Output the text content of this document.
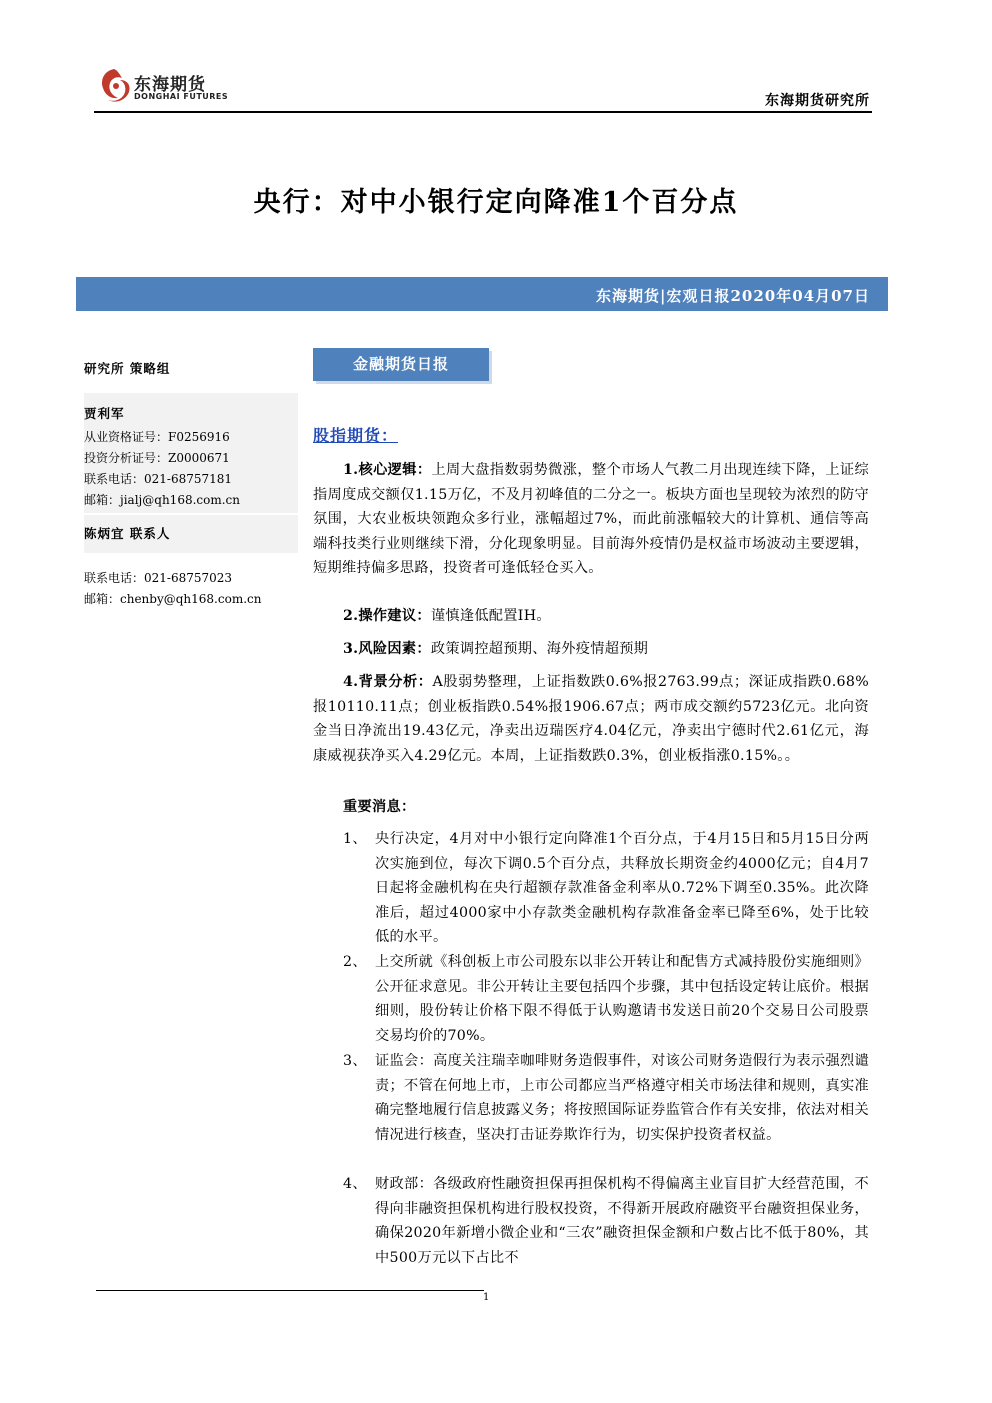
东海期货
DONGHAI FUTURES	东海期货研究所
央行：对中小银行定向降准1个百分点
东海期货|宏观日报2020年04月07日
研究所 策略组
贾利军
从业资格证号：F0256916
投资分析证号：Z0000671
联系电话：021-68757181
邮箱：jialj@qh168.com.cn
陈炳宜 联系人
联系电话：021-68757023
邮箱：chenby@qh168.com.cn
金融期货日报
股指期货：
1.核心逻辑：上周大盘指数弱势微涨，整个市场人气教二月出现连续下降，上证综指周度成交额仅1.15万亿，不及月初峰值的二分之一。板块方面也呈现较为浓烈的防守氛围，大农业板块领跑众多行业，涨幅超过7%，而此前涨幅较大的计算机、通信等高端科技类行业则继续下滑，分化现象明显。目前海外疫情仍是权益市场波动主要逻辑，短期维持偏多思路，投资者可逢低轻仓买入。
2.操作建议：谨慎逢低配置IH。
3.风险因素：政策调控超预期、海外疫情超预期
4.背景分析：A股弱势整理，上证指数跌0.6%报2763.99点；深证成指跌0.68%报10110.11点；创业板指跌0.54%报1906.67点；两市成交额约5723亿元。北向资金当日净流出19.43亿元，净卖出迈瑞医疗4.04亿元，净卖出宁德时代2.61亿元，海康威视获净买入4.29亿元。本周，上证指数跌0.3%，创业板指涨0.15%。。
重要消息：
1、 央行决定，4月对中小银行定向降准1个百分点，于4月15日和5月15日分两次实施到位，每次下调0.5个百分点，共释放长期资金约4000亿元；自4月7日起将金融机构在央行超额存款准备金利率从0.72%下调至0.35%。此次降准后，超过4000家中小存款类金融机构存款准备金率已降至6%，处于比较低的水平。
2、 上交所就《科创板上市公司股东以非公开转让和配售方式减持股份实施细则》公开征求意见。非公开转让主要包括四个步骤，其中包括设定转让底价。根据细则，股份转让价格下限不得低于认购邀请书发送日前20个交易日公司股票交易均价的70%。
3、 证监会：高度关注瑞幸咖啡财务造假事件，对该公司财务造假行为表示强烈谴责；不管在何地上市，上市公司都应当严格遵守相关市场法律和规则，真实准确完整地履行信息披露义务；将按照国际证券监管合作有关安排，依法对相关情况进行核查，坚决打击证券欺诈行为，切实保护投资者权益。
4、 财政部：各级政府性融资担保再担保机构不得偏离主业盲目扩大经营范围，不得向非融资担保机构进行股权投资，不得新开展政府融资平台融资担保业务，确保2020年新增小微企业和“三农”融资担保金额和户数占比不低于80%，其中500万元以下占比不
1
